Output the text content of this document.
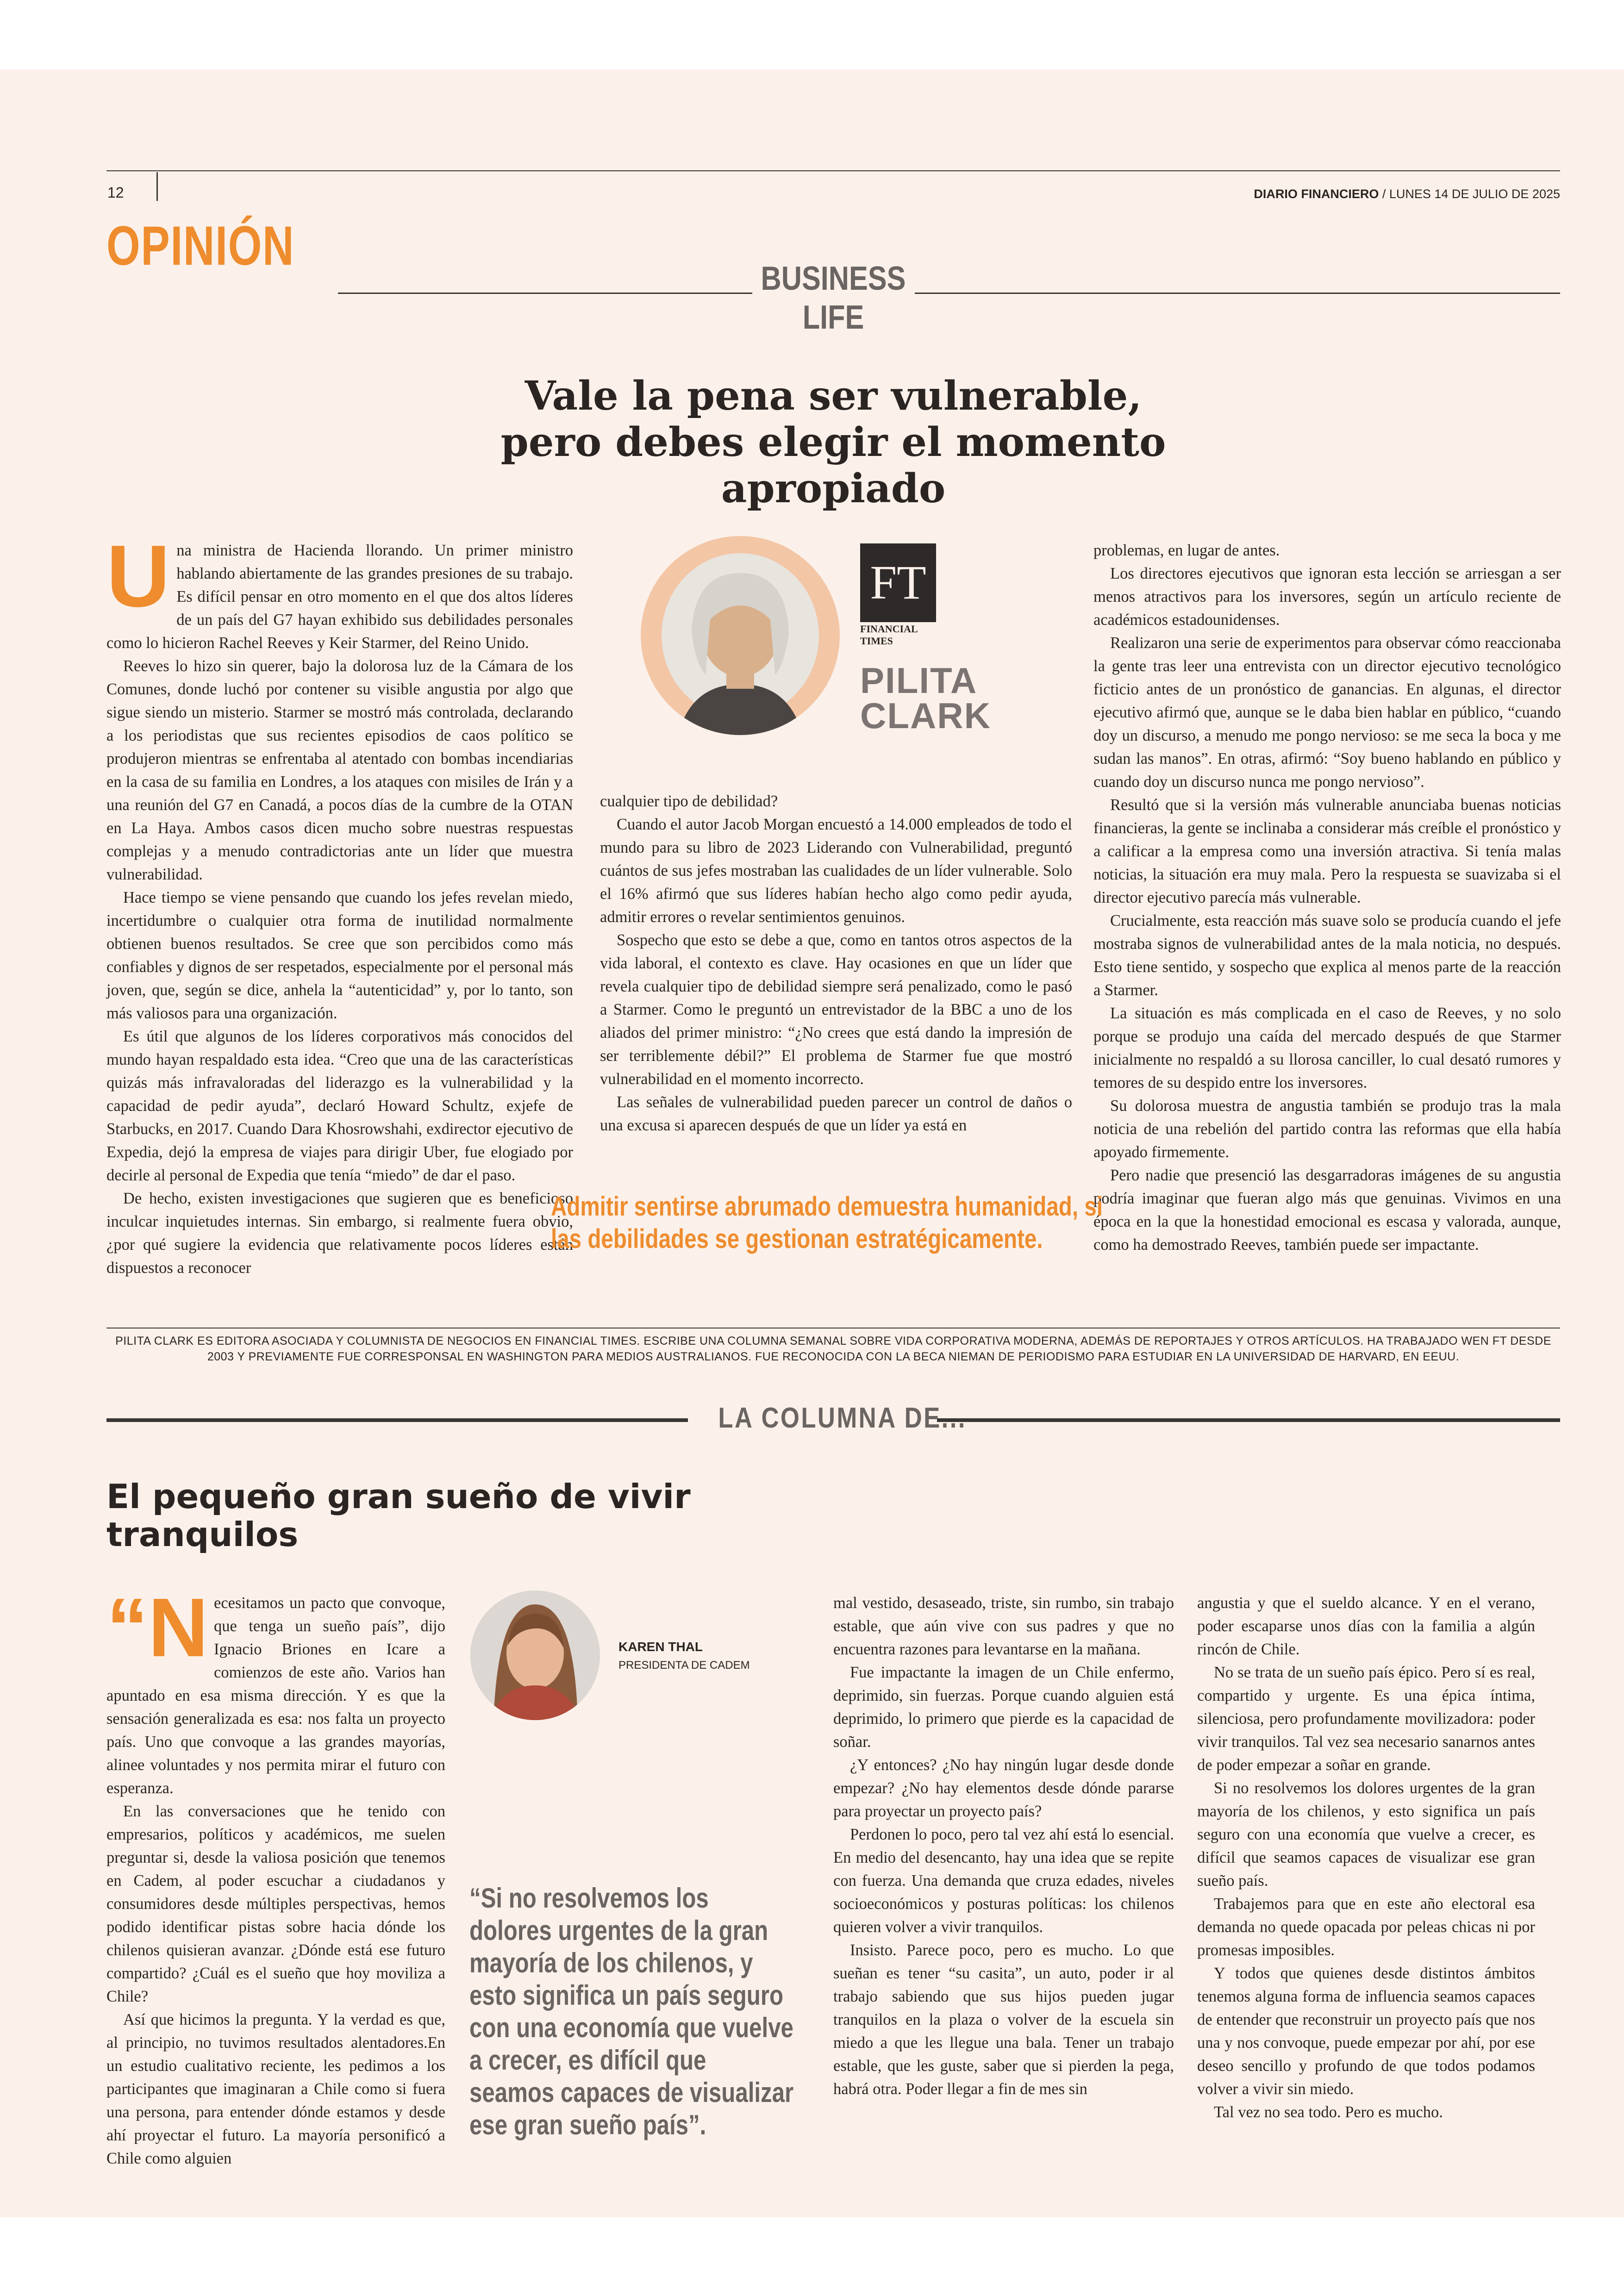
12	DIARIO FINANCIERO / LUNES 14 DE JULIO DE 2025
OPINIÓN
BUSINESS
LIFE
Vale la pena ser vulnerable,
pero debes elegir el momento
apropiado
FT
FINANCIAL
TIMES
PILITA
CLARK
U na ministra de Hacienda llorando. Un primer ministro hablando abiertamente de las grandes presiones de su trabajo. Es difícil pensar en otro momento en el que dos altos líderes de un país del G7 hayan exhibido sus debilidades personales como lo hicieron Rachel Reeves y Keir Starmer, del Reino Unido.

Reeves lo hizo sin querer, bajo la dolorosa luz de la Cámara de los Comunes, donde luchó por contener su visible angustia por algo que sigue siendo un misterio. Starmer se mostró más controlada, declarando a los periodistas que sus recientes episodios de caos político se produjeron mientras se enfrentaba al atentado con bombas incendiarias en la casa de su familia en Londres, a los ataques con misiles de Irán y a una reunión del G7 en Canadá, a pocos días de la cumbre de la OTAN en La Haya. Ambos casos dicen mucho sobre nuestras respuestas complejas y a menudo contradictorias ante un líder que muestra vulnerabilidad.

Hace tiempo se viene pensando que cuando los jefes revelan miedo, incertidumbre o cualquier otra forma de inutilidad normalmente obtienen buenos resultados. Se cree que son percibidos como más confiables y dignos de ser respetados, especialmente por el personal más joven, que, según se dice, anhela la “autenticidad” y, por lo tanto, son más valiosos para una organización.

Es útil que algunos de los líderes corporativos más conocidos del mundo hayan respaldado esta idea. “Creo que una de las características quizás más infravaloradas del liderazgo es la vulnerabilidad y la capacidad de pedir ayuda”, declaró Howard Schultz, exjefe de Starbucks, en 2017. Cuando Dara Khosrowshahi, exdirector ejecutivo de Expedia, dejó la empresa de viajes para dirigir Uber, fue elogiado por decirle al personal de Expedia que tenía “miedo” de dar el paso.

De hecho, existen investigaciones que sugieren que es beneficioso inculcar inquietudes internas. Sin embargo, si realmente fuera obvio, ¿por qué sugiere la evidencia que relativamente pocos líderes están dispuestos a reconocer

cualquier tipo de debilidad?

Cuando el autor Jacob Morgan encuestó a 14.000 empleados de todo el mundo para su libro de 2023 Liderando con Vulnerabilidad, preguntó cuántos de sus jefes mostraban las cualidades de un líder vulnerable. Solo el 16% afirmó que sus líderes habían hecho algo como pedir ayuda, admitir errores o revelar sentimientos genuinos.

Sospecho que esto se debe a que, como en tantos otros aspectos de la vida laboral, el contexto es clave. Hay ocasiones en que un líder que revela cualquier tipo de debilidad siempre será penalizado, como le pasó a Starmer. Como le preguntó un entrevistador de la BBC a uno de los aliados del primer ministro: “¿No crees que está dando la impresión de ser terriblemente débil?” El problema de Starmer fue que mostró vulnerabilidad en el momento incorrecto.

Las señales de vulnerabilidad pueden parecer un control de daños o una excusa si aparecen después de que un líder ya está en

problemas, en lugar de antes.

Los directores ejecutivos que ignoran esta lección se arriesgan a ser menos atractivos para los inversores, según un artículo reciente de académicos estadounidenses.

Realizaron una serie de experimentos para observar cómo reaccionaba la gente tras leer una entrevista con un director ejecutivo tecnológico ficticio antes de un pronóstico de ganancias. En algunas, el director ejecutivo afirmó que, aunque se le daba bien hablar en público, “cuando doy un discurso, a menudo me pongo nervioso: se me seca la boca y me sudan las manos”. En otras, afirmó: “Soy bueno hablando en público y cuando doy un discurso nunca me pongo nervioso”.

Resultó que si la versión más vulnerable anunciaba buenas noticias financieras, la gente se inclinaba a considerar más creíble el pronóstico y a calificar a la empresa como una inversión atractiva. Si tenía malas noticias, la situación era muy mala. Pero la respuesta se suavizaba si el director ejecutivo parecía más vulnerable.

Crucialmente, esta reacción más suave solo se producía cuando el jefe mostraba signos de vulnerabilidad antes de la mala noticia, no después. Esto tiene sentido, y sospecho que explica al menos parte de la reacción a Starmer.

La situación es más complicada en el caso de Reeves, y no solo porque se produjo una caída del mercado después de que Starmer inicialmente no respaldó a su llorosa canciller, lo cual desató rumores y temores de su despido entre los inversores.

Su dolorosa muestra de angustia también se produjo tras la mala noticia de una rebelión del partido contra las reformas que ella había apoyado firmemente.

Pero nadie que presenció las desgarradoras imágenes de su angustia podría imaginar que fueran algo más que genuinas. Vivimos en una época en la que la honestidad emocional es escasa y valorada, aunque, como ha demostrado Reeves, también puede ser impactante.

Admitir sentirse abrumado demuestra humanidad, si
las debilidades se gestionan estratégicamente.
PILITA CLARK ES EDITORA ASOCIADA Y COLUMNISTA DE NEGOCIOS EN FINANCIAL TIMES. ESCRIBE UNA COLUMNA SEMANAL SOBRE VIDA CORPORATIVA MODERNA, ADEMÁS DE REPORTAJES Y OTROS ARTÍCULOS. HA TRABAJADO WEN FT DESDE
2003 Y PREVIAMENTE FUE CORRESPONSAL EN WASHINGTON PARA MEDIOS AUSTRALIANOS. FUE RECONOCIDA CON LA BECA NIEMAN DE PERIODISMO PARA ESTUDIAR EN LA UNIVERSIDAD DE HARVARD, EN EEUU.
LA COLUMNA DE...
El pequeño gran sueño de vivir
tranquilos
“N ecesitamos un pacto que convoque, que tenga un sueño país”, dijo Ignacio Briones en Icare a comienzos de este año. Varios han apuntado en esa misma dirección. Y es que la sensación generalizada es esa: nos falta un proyecto país. Uno que convoque a las grandes mayorías, alinee voluntades y nos permita mirar el futuro con esperanza.

En las conversaciones que he tenido con empresarios, políticos y académicos, me suelen preguntar si, desde la valiosa posición que tenemos en Cadem, al poder escuchar a ciudadanos y consumidores desde múltiples perspectivas, hemos podido identificar pistas sobre hacia dónde los chilenos quisieran avanzar. ¿Dónde está ese futuro compartido? ¿Cuál es el sueño que hoy moviliza a Chile?

Así que hicimos la pregunta. Y la verdad es que, al principio, no tuvimos resultados alentadores.En un estudio cualitativo reciente, les pedimos a los participantes que imaginaran a Chile como si fuera una persona, para entender dónde estamos y desde ahí proyectar el futuro. La mayoría personificó a Chile como alguien

KAREN THAL
PRESIDENTA DE CADEM
“Si no resolvemos los dolores urgentes de la gran mayoría de los chilenos, y esto significa un país seguro con una economía que vuelve a crecer, es difícil que seamos capaces de visualizar ese gran sueño país”.

mal vestido, desaseado, triste, sin rumbo, sin trabajo estable, que aún vive con sus padres y que no encuentra razones para levantarse en la mañana.

Fue impactante la imagen de un Chile enfermo, deprimido, sin fuerzas. Porque cuando alguien está deprimido, lo primero que pierde es la capacidad de soñar.

¿Y entonces? ¿No hay ningún lugar desde donde empezar? ¿No hay elementos desde dónde pararse para proyectar un proyecto país?

Perdonen lo poco, pero tal vez ahí está lo esencial. En medio del desencanto, hay una idea que se repite con fuerza. Una demanda que cruza edades, niveles socioeconómicos y posturas políticas: los chilenos quieren volver a vivir tranquilos.

Insisto. Parece poco, pero es mucho. Lo que sueñan es tener “su casita”, un auto, poder ir al trabajo sabiendo que sus hijos pueden jugar tranquilos en la plaza o volver de la escuela sin miedo a que les llegue una bala. Tener un trabajo estable, que les guste, saber que si pierden la pega, habrá otra. Poder llegar a fin de mes sin

angustia y que el sueldo alcance. Y en el verano, poder escaparse unos días con la familia a algún rincón de Chile.

No se trata de un sueño país épico. Pero sí es real, compartido y urgente. Es una épica íntima, silenciosa, pero profundamente movilizadora: poder vivir tranquilos. Tal vez sea necesario sanarnos antes de poder empezar a soñar en grande.

Si no resolvemos los dolores urgentes de la gran mayoría de los chilenos, y esto significa un país seguro con una economía que vuelve a crecer, es difícil que seamos capaces de visualizar ese gran sueño país.

Trabajemos para que en este año electoral esa demanda no quede opacada por peleas chicas ni por promesas imposibles.

Y todos que quienes desde distintos ámbitos tenemos alguna forma de influencia seamos capaces de entender que reconstruir un proyecto país que nos una y nos convoque, puede empezar por ahí, por ese deseo sencillo y profundo de que todos podamos volver a vivir sin miedo.

Tal vez no sea todo. Pero es mucho.
